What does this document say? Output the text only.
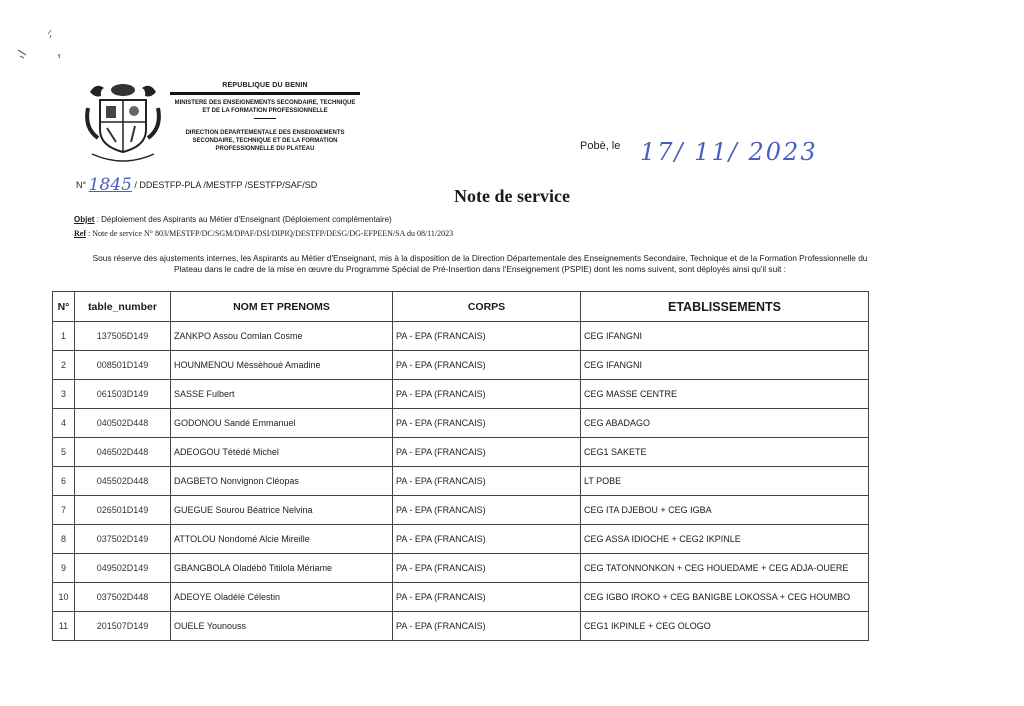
REPUBLIQUE DU BENIN
MINISTERE DES ENSEIGNEMENTS SECONDAIRE, TECHNIQUE
ET DE LA FORMATION PROFESSIONNELLE
DIRECTION DEPARTEMENTALE DES ENSEIGNEMENTS
SECONDAIRE, TECHNIQUE ET DE LA FORMATION
PROFESSIONNELLE DU PLATEAU	Pobè, le 17/ 11/ 2023
N° 1845 / DDESTFP-PLA /MESTFP /SESTFP/SAF/SD
Note de service
Objet : Déploiement des Aspirants au Métier d'Enseignant (Déploiement complémentaire)
Ref : Note de service N° 803/MESTFP/DC/SGM/DPAF/DSI/DIPIQ/DESTFP/DESG/DG-EFPEEN/SA du 08/11/2023
Sous réserve des ajustements internes, les Aspirants au Métier d'Enseignant, mis à la disposition de la Direction Départementale des Enseignements Secondaire, Technique et de la Formation Professionnelle du Plateau dans le cadre de la mise en œuvre du Programme Spécial de Pré-Insertion dans l'Enseignement (PSPIE) dont les noms suivent, sont déployés ainsi qu'il suit :
N°	table_number	NOM ET PRENOMS	CORPS	ETABLISSEMENTS
1	137505D149	ZANKPO Assou Comlan Cosme	PA - EPA (FRANCAIS)	CEG IFANGNI
2	008501D149	HOUNMENOU Mèssèhoué Amadine	PA - EPA (FRANCAIS)	CEG IFANGNI
3	061503D149	SASSE Fulbert	PA - EPA (FRANCAIS)	CEG MASSE CENTRE
4	040502D448	GODONOU Sandé Emmanuel	PA - EPA (FRANCAIS)	CEG ABADAGO
5	046502D448	ADEOGOU Tétédé Michel	PA - EPA (FRANCAIS)	CEG1 SAKETE
6	045502D448	DAGBETO Nonvignon Cléopas	PA - EPA (FRANCAIS)	LT POBE
7	026501D149	GUEGUE Sourou Béatrice Nelvina	PA - EPA (FRANCAIS)	CEG ITA DJEBOU + CEG IGBA
8	037502D149	ATTOLOU Nondomé Alcie Mireille	PA - EPA (FRANCAIS)	CEG ASSA IDIOCHE + CEG2 IKPINLE
9	049502D149	GBANGBOLA Oladébô Titilola Mériame	PA - EPA (FRANCAIS)	CEG TATONNONKON + CEG HOUEDAME + CEG ADJA-OUERE
10	037502D448	ADEOYE Oladélé Célestin	PA - EPA (FRANCAIS)	CEG IGBO IROKO + CEG BANIGBE LOKOSSA + CEG HOUMBO
11	201507D149	OUELE Younouss	PA - EPA (FRANCAIS)	CEG1 IKPINLE + CEG OLOGO
